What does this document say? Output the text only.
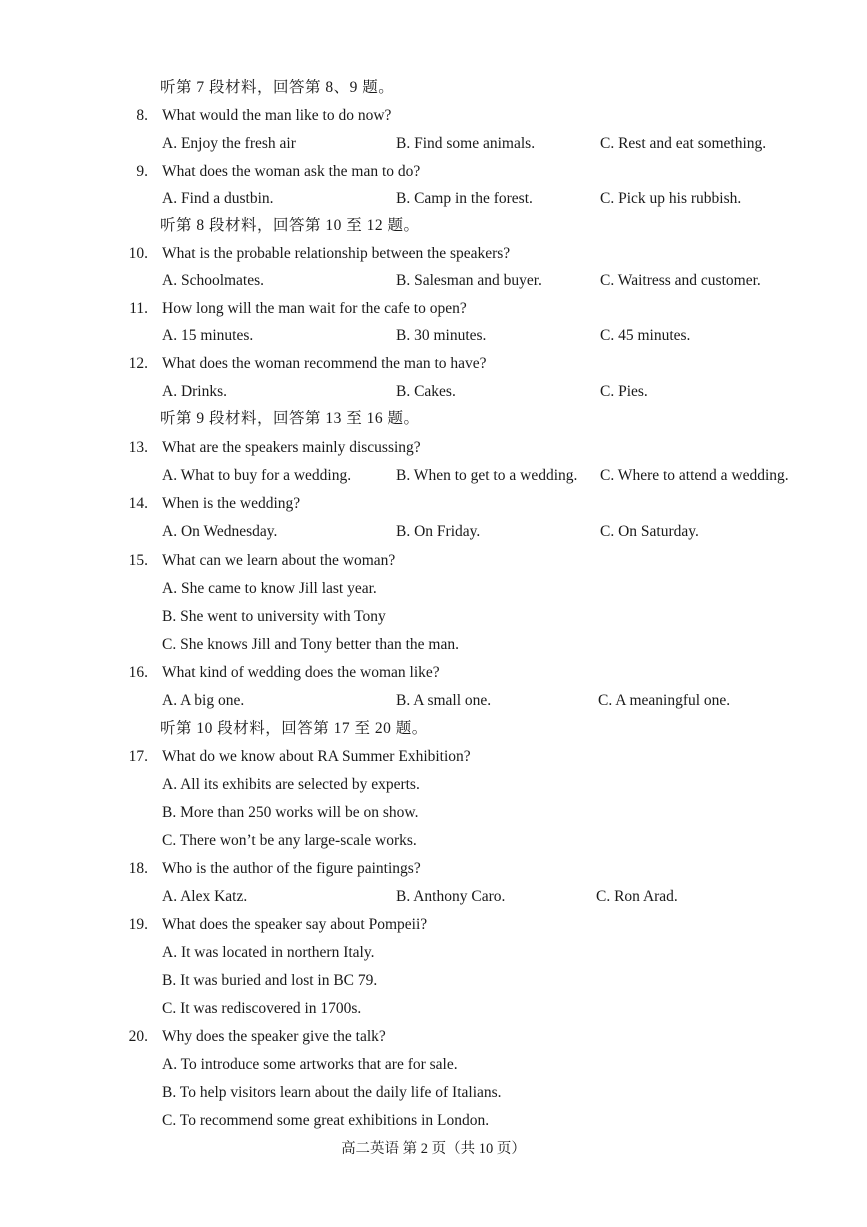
听第 7 段材料，回答第 8、9 题。
8. What would the man like to do now?
A. Enjoy the fresh air	B. Find some animals.	C. Rest and eat something.
9. What does the woman ask the man to do?
A. Find a dustbin.	B. Camp in the forest.	C. Pick up his rubbish.
听第 8 段材料，回答第 10 至 12 题。
10. What is the probable relationship between the speakers?
A. Schoolmates.	B. Salesman and buyer.	C. Waitress and customer.
11. How long will the man wait for the cafe to open?
A. 15 minutes.	B. 30 minutes.	C. 45 minutes.
12. What does the woman recommend the man to have?
A. Drinks.	B. Cakes.	C. Pies.
听第 9 段材料，回答第 13 至 16 题。
13. What are the speakers mainly discussing?
A. What to buy for a wedding.	B. When to get to a wedding. C. Where to attend a wedding.
14. When is the wedding?
A. On Wednesday.	B. On Friday.	C. On Saturday.
15. What can we learn about the woman?
A. She came to know Jill last year.
B. She went to university with Tony
C. She knows Jill and Tony better than the man.
16. What kind of wedding does the woman like?
A. A big one.	B. A small one.	C. A meaningful one.
听第 10 段材料，回答第 17 至 20 题。
17. What do we know about RA Summer Exhibition?
A. All its exhibits are selected by experts.
B. More than 250 works will be on show.
C. There won’t be any large-scale works.
18. Who is the author of the figure paintings?
A. Alex Katz.	B. Anthony Caro.	C. Ron Arad.
19. What does the speaker say about Pompeii?
A. It was located in northern Italy.
B. It was buried and lost in BC 79.
C. It was rediscovered in 1700s.
20. Why does the speaker give the talk?
A. To introduce some artworks that are for sale.
B. To help visitors learn about the daily life of Italians.
C. To recommend some great exhibitions in London.
高二英语 第 2 页（共 10 页）
